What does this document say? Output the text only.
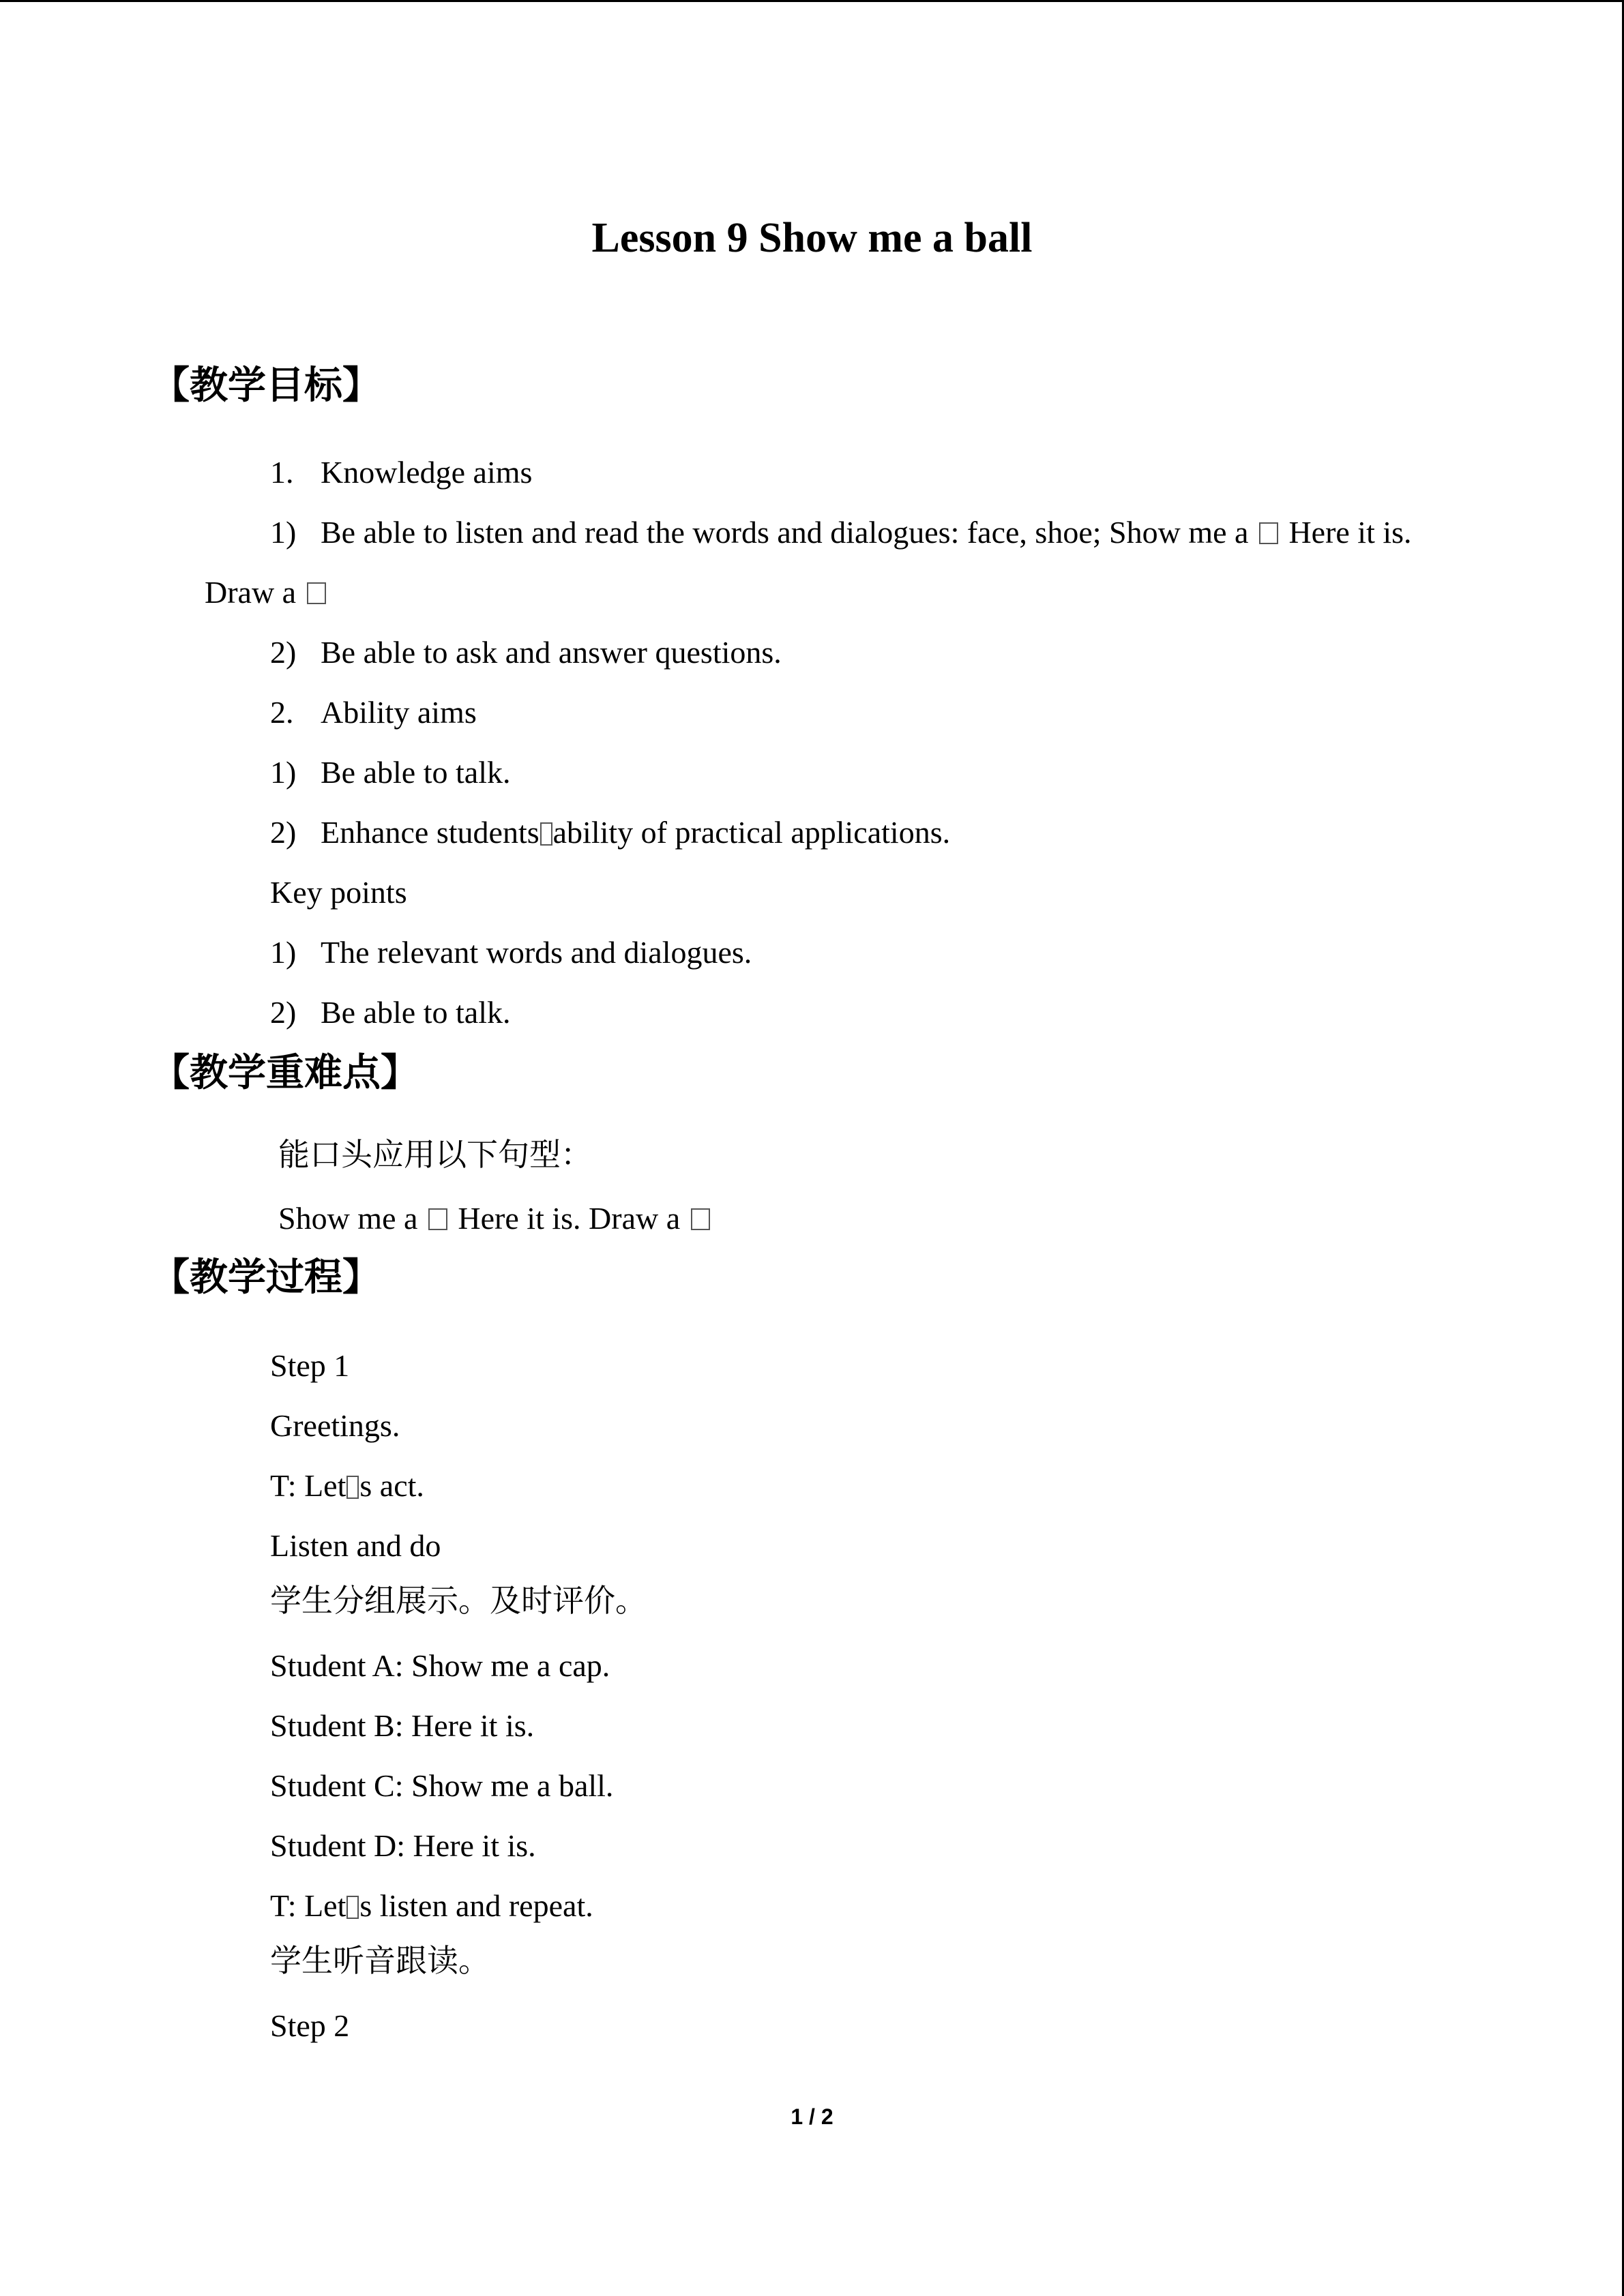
Lesson 9 Show me a ball
【教学目标】
1. Knowledge aims
1) Be able to listen and read the words and dialogues: face, shoe; Show me a Here it is.
Draw a
2) Be able to ask and answer questions.
2. Ability aims
1) Be able to talk.
2) Enhance students ability of practical applications.
Key points
1) The relevant words and dialogues.
2) Be able to talk.
【教学重难点】
能口头应用以下句型：
Show me a Here it is. Draw a
【教学过程】
Step 1
Greetings.
T: Let s act.
Listen and do
学生分组展示。及时评价。
Student A: Show me a cap.
Student B: Here it is.
Student C: Show me a ball.
Student D: Here it is.
T: Let s listen and repeat.
学生听音跟读。
Step 2
1 / 2
